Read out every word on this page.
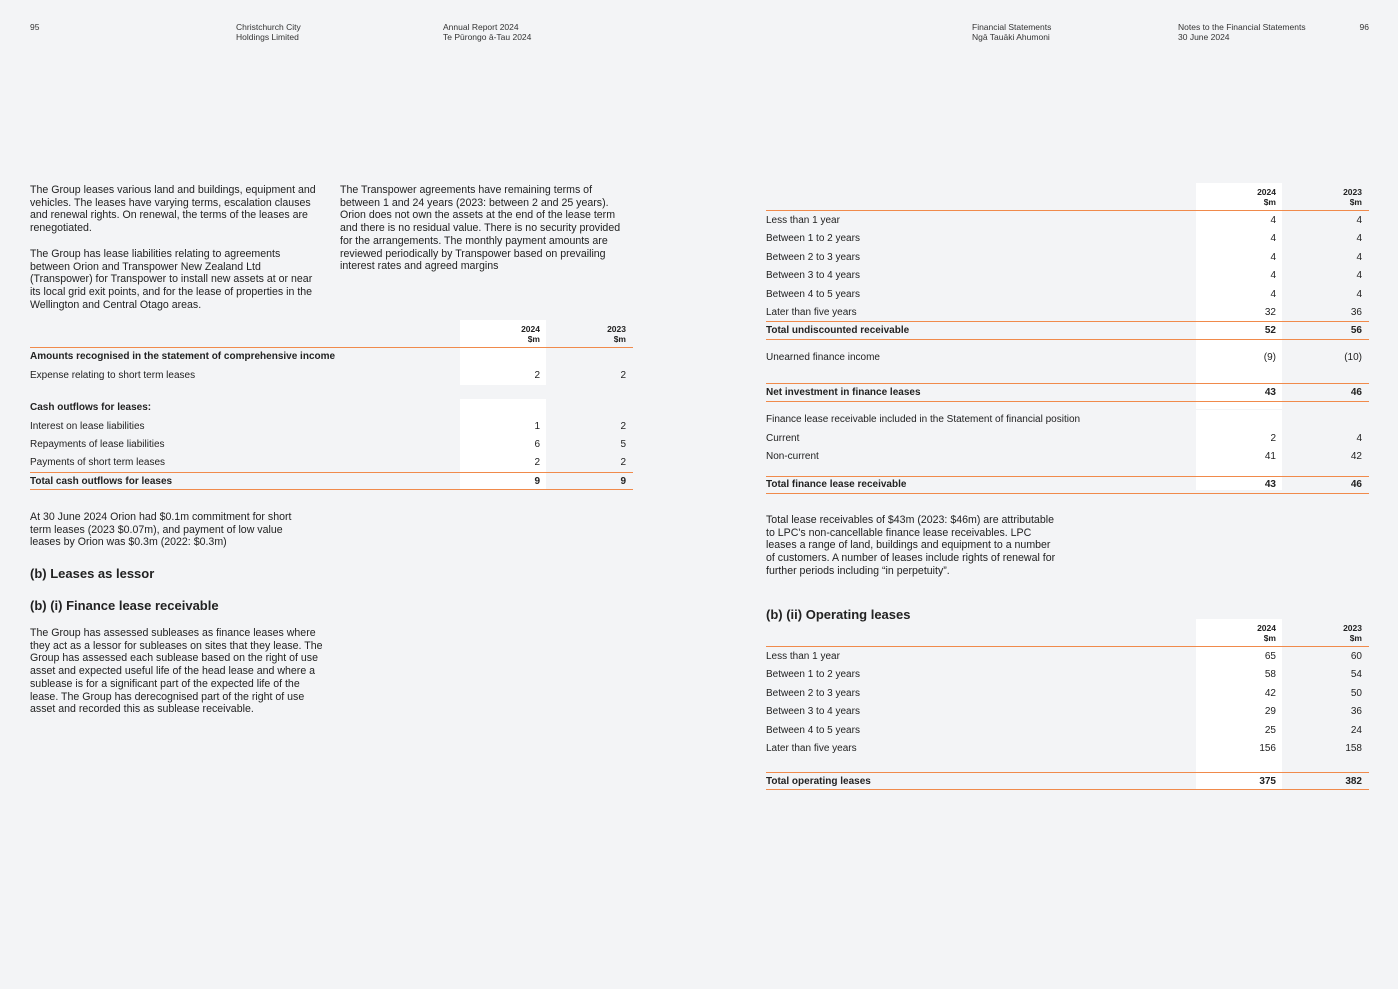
95	Christchurch City
Holdings Limited
Annual Report 2024
Te Pūrongo ā-Tau 2024
Financial Statements
Ngā Tauāki Ahumoni
Notes to the Financial Statements
30 June 2024
96
The Group leases various land and buildings, equipment and vehicles. The leases have varying terms, escalation clauses and renewal rights. On renewal, the terms of the leases are renegotiated.
The Group has lease liabilities relating to agreements between Orion and Transpower New Zealand Ltd (Transpower) for Transpower to install new assets at or near its local grid exit points, and for the lease of properties in the Wellington and Central Otago areas.
The Transpower agreements have remaining terms of between 1 and 24 years (2023: between 2 and 25 years). Orion does not own the assets at the end of the lease term and there is no residual value. There is no security provided for the arrangements. The monthly payment amounts are reviewed periodically by Transpower based on prevailing interest rates and agreed margins
2024
$m
2023
$m
Amounts recognised in the statement of comprehensive income
Expense relating to short term leases	2	2
Cash outflows for leases:
Interest on lease liabilities	1	2
Repayments of lease liabilities	6	5
Payments of short term leases	2	2
Total cash outflows for leases	9	9
At 30 June 2024 Orion had $0.1m commitment for short term leases (2023 $0.07m), and payment of low value leases by Orion was $0.3m (2022: $0.3m)
(b) Leases as lessor
(b) (i) Finance lease receivable
The Group has assessed subleases as finance leases where they act as a lessor for subleases on sites that they lease. The Group has assessed each sublease based on the right of use asset and expected useful life of the head lease and where a sublease is for a significant part of the expected life of the lease. The Group has derecognised part of the right of use asset and recorded this as sublease receivable.
2024
$m
2023
$m
Less than 1 year	4	4
Between 1 to 2 years	4	4
Between 2 to 3 years	4	4
Between 3 to 4 years	4	4
Between 4 to 5 years	4	4
Later than five years	32	36
Total undiscounted receivable	52	56
Unearned finance income	(9)	(10)
Net investment in finance leases	43	46
Finance lease receivable included in the Statement of financial position
Current	2	4
Non-current	41	42
Total finance lease receivable	43	46
Total lease receivables of $43m (2023: $46m) are attributable to LPC's non-cancellable finance lease receivables. LPC leases a range of land, buildings and equipment to a number of customers. A number of leases include rights of renewal for further periods including “in perpetuity”.
(b) (ii) Operating leases
2024
$m
2023
$m
Less than 1 year	65	60
Between 1 to 2 years	58	54
Between 2 to 3 years	42	50
Between 3 to 4 years	29	36
Between 4 to 5 years	25	24
Later than five years	156	158
Total operating leases	375	382
